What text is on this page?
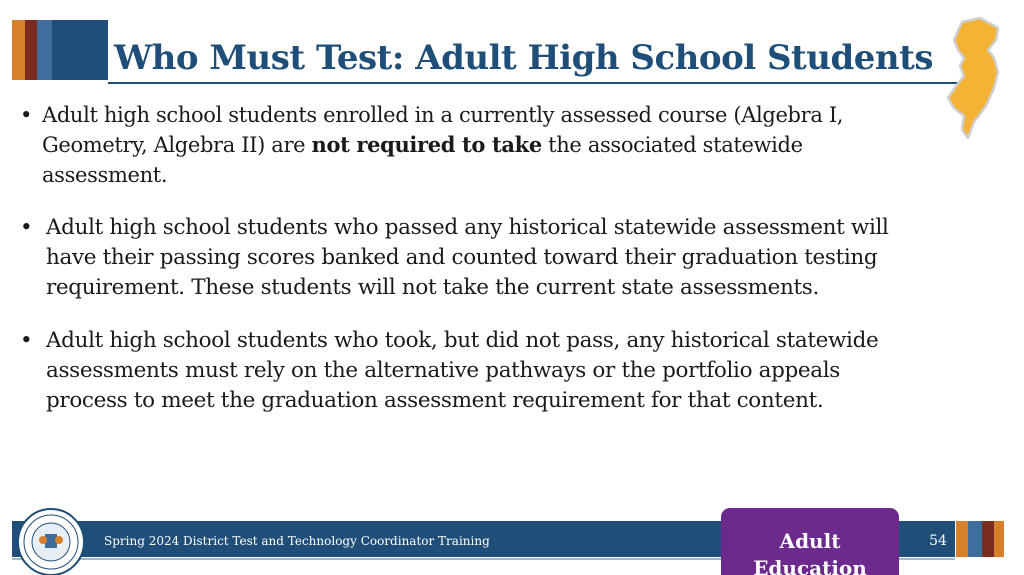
Who Must Test: Adult High School Students
• Adult high school students enrolled in a currently assessed course (Algebra I, Geometry, Algebra II) are not required to take the associated statewide assessment.
• Adult high school students who passed any historical statewide assessment will have their passing scores banked and counted toward their graduation testing requirement. These students will not take the current state assessments.
• Adult high school students who took, but did not pass, any historical statewide assessments must rely on the alternative pathways or the portfolio appeals process to meet the graduation assessment requirement for that content.
Spring 2024 District Test and Technology Coordinator Training	Adult Education
54
